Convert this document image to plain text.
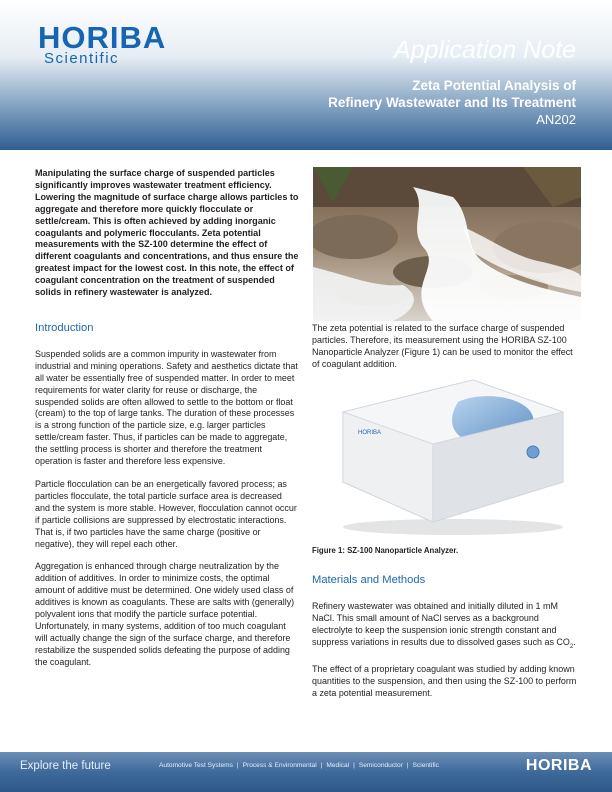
HORIBA
Scientific	Application Note
Zeta Potential Analysis of
Refinery Wastewater and Its Treatment
AN202
Manipulating the surface charge of suspended particles significantly improves wastewater treatment efficiency. Lowering the magnitude of surface charge allows particles to aggregate and therefore more quickly flocculate or settle/cream. This is often achieved by adding inorganic coagulants and polymeric flocculants. Zeta potential measurements with the SZ-100 determine the effect of different coagulants and concentrations, and thus ensure the greatest impact for the lowest cost. In this note, the effect of coagulant concentration on the treatment of suspended solids in refinery wastewater is analyzed.
Introduction

Suspended solids are a common impurity in wastewater from industrial and mining operations. Safety and aesthetics dictate that all water be essentially free of suspended matter. In order to meet requirements for water clarity for reuse or discharge, the suspended solids are often allowed to settle to the bottom or float (cream) to the top of large tanks. The duration of these processes is a strong function of the particle size, e.g. larger particles settle/cream faster. Thus, if particles can be made to aggregate, the settling process is shorter and therefore the treatment operation is faster and therefore less expensive.

Particle flocculation can be an energetically favored process; as particles flocculate, the total particle surface area is decreased and the system is more stable. However, flocculation cannot occur if particle collisions are suppressed by electrostatic interactions. That is, if two particles have the same charge (positive or negative), they will repel each other.

Aggregation is enhanced through charge neutralization by the addition of additives. In order to minimize costs, the optimal amount of additive must be determined. One widely used class of additives is known as coagulants. These are salts with (generally) polyvalent ions that modify the particle surface potential. Unfortunately, in many systems, addition of too much coagulant will actually change the sign of the surface charge, and therefore restabilize the suspended solids defeating the purpose of adding the coagulant.

The zeta potential is related to the surface charge of suspended particles. Therefore, its measurement using the HORIBA SZ-100 Nanoparticle Analyzer (Figure 1) can be used to monitor the effect of coagulant addition.

HORIBA
Figure 1: SZ-100 Nanoparticle Analyzer.
Materials and Methods

Refinery wastewater was obtained and initially diluted in 1 mM NaCl. This small amount of NaCl serves as a background electrolyte to keep the suspension ionic strength constant and suppress variations in results due to dissolved gases such as $CO_2$.

The effect of a proprietary coagulant was studied by adding known quantities to the suspension, and then using the SZ-100 to perform a zeta potential measurement.

Explore the future	Automotive Test Systems | Process & Environmental | Medical | Semiconductor | Scientific	HORIBA
